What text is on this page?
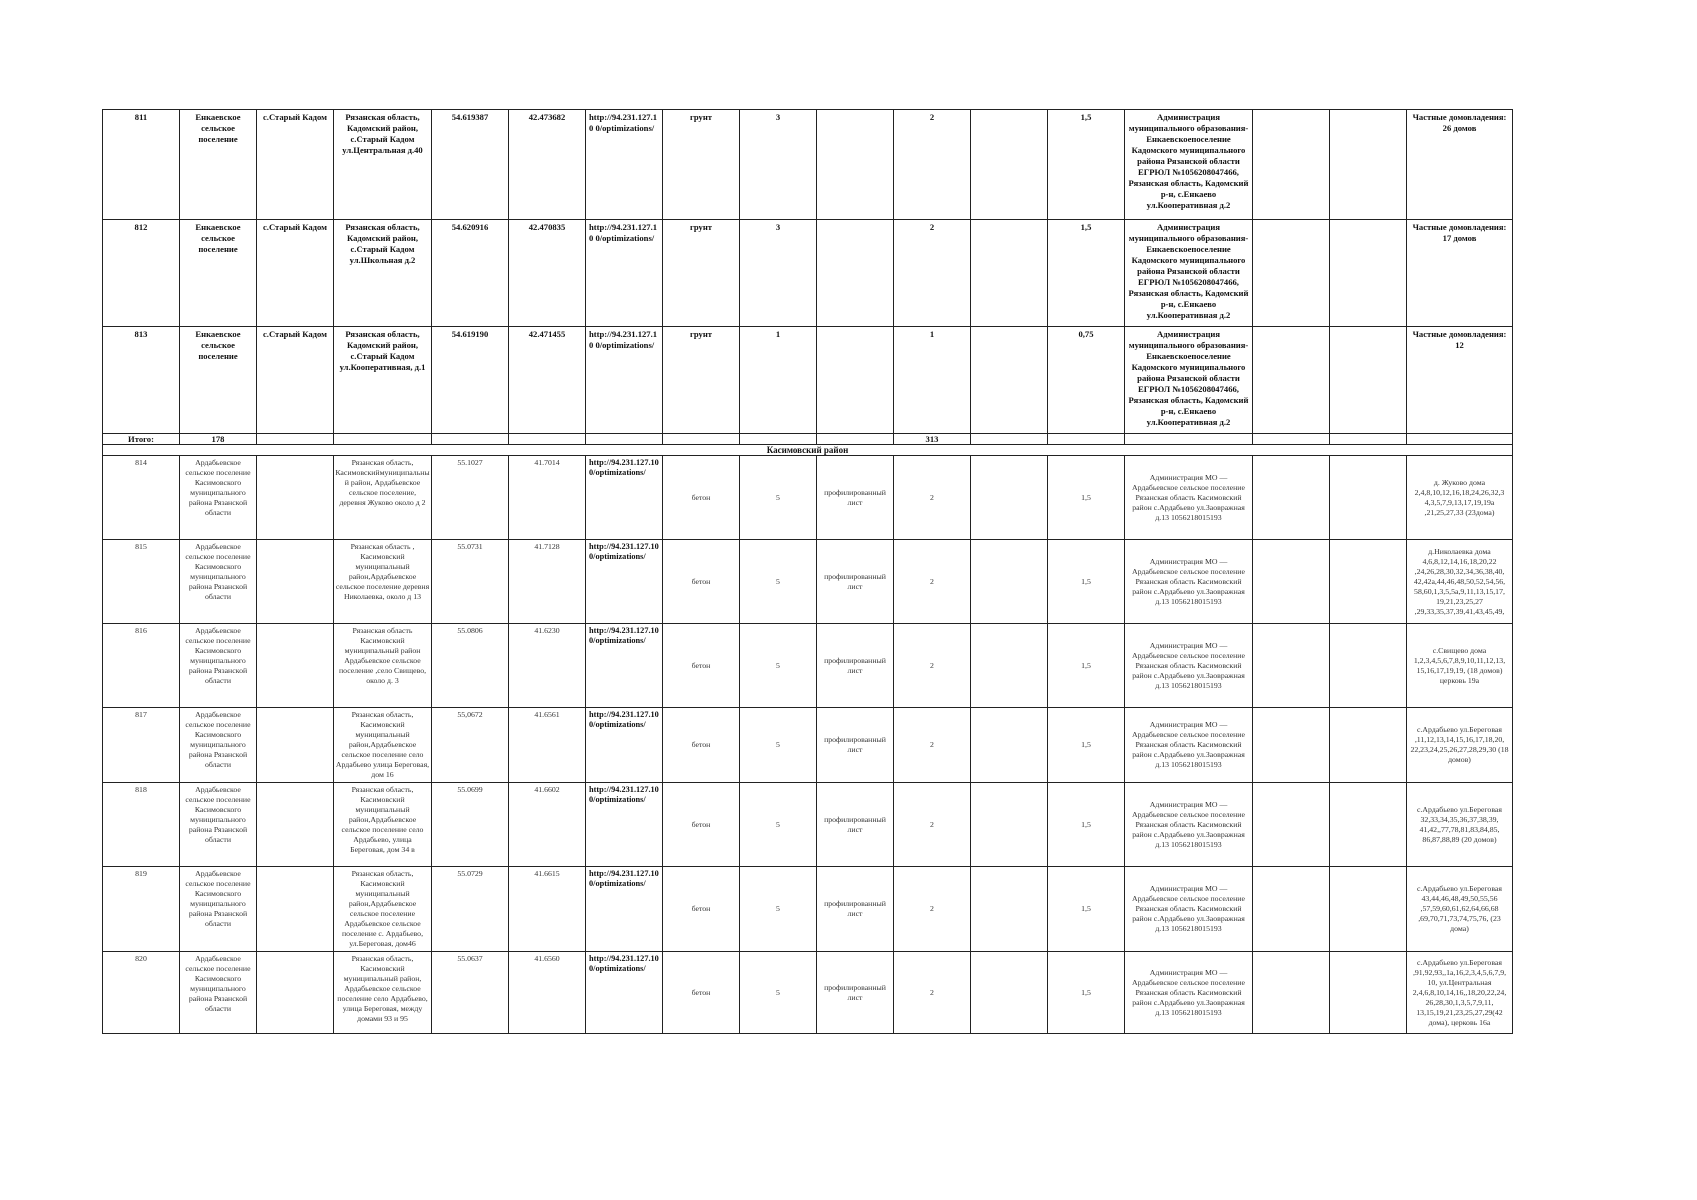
811	Енкаевское сельское поселение	с.Старый Кадом	Рязанская область, Кадомский район, с.Старый Кадом ул.Центральная д.40	54.619387	42.473682	http://94.231.127.10 0/optimizations/	грунт	3		2		1,5	Администрация муниципального образования-Енкаевскоепоселение Кадомского муниципального района Рязанской области ЕГРЮЛ №1056208047466, Рязанская область, Кадомский р-н, с.Енкаево ул.Кооперативная д.2			Частные домовладения: 26 домов
812	Енкаевское сельское поселение	с.Старый Кадом	Рязанская область, Кадомский район, с.Старый Кадом ул.Школьная д.2	54.620916	42.470835	http://94.231.127.10 0/optimizations/	грунт	3		2		1,5	Администрация муниципального образования-Енкаевскоепоселение Кадомского муниципального района Рязанской области ЕГРЮЛ №1056208047466, Рязанская область, Кадомский р-н, с.Енкаево ул.Кооперативная д.2			Частные домовладения: 17 домов
813	Енкаевское сельское поселение	с.Старый Кадом	Рязанская область, Кадомский район, с.Старый Кадом ул.Кооперативная, д.1	54.619190	42.471455	http://94.231.127.10 0/optimizations/	грунт	1		1		0,75	Администрация муниципального образования-Енкаевскоепоселение Кадомского муниципального района Рязанской области ЕГРЮЛ №1056208047466, Рязанская область, Кадомский р-н, с.Енкаево ул.Кооперативная д.2			Частные домовладения: 12
Итого:	178									313						
Касимовский район																
814	Ардабьевское сельское поселение Касимовского муниципального района Рязанской области		Рязанская область, Касимовскиймуниципальны й район, Ардабьевское сельское поселение, деревня Жуково около д 2	55.1027	41.7014	http://94.231.127.10 0/optimizations/	бетон	5	профилированный лист	2		1,5	Администрация МО — Ардабьевское сельское поселение Рязанская область Касимовский район с.Ардабьево ул.Заовражная д.13 1056218015193			д. Жуково дома 2,4,8,10,12,16,18,24,26,32,3 4,3,5,7,9,13,17,19,19а ,21,25,27,33 (23дома)
815	Ардабьевское сельское поселение Касимовского муниципального района Рязанской области		Рязанская область , Касимовский муниципальный район,Ардабьевское сельское поселение деревня Николаевка, около д 13	55.0731	41.7128	http://94.231.127.10 0/optimizations/	бетон	5	профилированный лист	2		1,5	Администрация МО — Ардабьевское сельское поселение Рязанская область Касимовский район с.Ардабьево ул.Заовражная д.13 1056218015193			д.Николаевка дома 4,6,8,12,14,16,18,20,22 ,24,26,28,30,32,34,36,38,40, 42,42а,44,46,48,50,52,54,56, 58,60,1,3,5,5а,9,11,13,15,17, 19,21,23,25,27 ,29,33,35,37,39,41,43,45,49,
816	Ардабьевское сельское поселение Касимовского муниципального района Рязанской области		Рязанская область Касимовский муниципальный район Ардабьевское сельское поселение ,село Свищево, около д. 3	55.0806	41.6230	http://94.231.127.10 0/optimizations/	бетон	5	профилированный лист	2		1,5	Администрация МО — Ардабьевское сельское поселение Рязанская область Касимовский район с.Ардабьево ул.Заовражная д.13 1056218015193			с.Свищево дома 1,2,3,4,5,6,7,8,9,10,11,12,13, 15,16,17,19,19, (18 домов) церковь 19а
817	Ардабьевское сельское поселение Касимовского муниципального района Рязанской области		Рязанская область, Касимовский муниципальный район,Ардабьевское сельское поселение село Ардабьево улица Береговая, дом 16	55,0672	41.6561	http://94.231.127.10 0/optimizations/	бетон	5	профилированный лист	2		1,5	Администрация МО — Ардабьевское сельское поселение Рязанская область Касимовский район с.Ардабьево ул.Заовражная д.13 1056218015193			с.Ардабьево ул.Береговая ,11,12,13,14,15,16,17,18,20, 22,23,24,25,26,27,28,29,30 (18 домов)
818	Ардабьевское сельское поселение Касимовского муниципального района Рязанской области		Рязанская область, Касимовский муниципальный район,Ардабьевское сельское поселение село Ардабьево, улица Береговая, дом 34 в	55.0699	41.6602	http://94.231.127.10 0/optimizations/	бетон	5	профилированный лист	2		1,5	Администрация МО — Ардабьевское сельское поселение Рязанская область Касимовский район с.Ардабьево ул.Заовражная д.13 1056218015193			с.Ардабьево ул.Береговая 32,33,34,35,36,37,38,39, 41,42,,77,78,81,83,84,85, 86,87,88,89 (20 домов)
819	Ардабьевское сельское поселение Касимовского муниципального района Рязанской области		Рязанская область, Касимовский муниципальный район,Ардабьевское сельское поселение Ардабьевское сельское поселение с. Ардабьево, ул.Береговая, дом46	55.0729	41.6615	http://94.231.127.10 0/optimizations/	бетон	5	профилированный лист	2		1,5	Администрация МО — Ардабьевское сельское поселение Рязанская область Касимовский район с.Ардабьево ул.Заовражная д.13 1056218015193			с.Ардабьево ул.Береговая 43,44,46,48,49,50,55,56 ,57,59,60,61,62,64,66,68 ,69,70,71,73,74,75,76, (23 дома)
820	Ардабьевское сельское поселение Касимовского муниципального района Рязанской области		Рязанская область, Касимовский муниципальный район, Ардабьевское сельское поселение село Ардабьево, улица Береговая, между домами 93 и 95	55.0637	41.6560	http://94.231.127.10 0/optimizations/	бетон	5	профилированный лист	2		1,5	Администрация МО — Ардабьевское сельское поселение Рязанская область Касимовский район с.Ардабьево ул.Заовражная д.13 1056218015193			с.Ардабьево ул.Береговая ,91,92,93,,1а,16,2,3,4,5,6,7,9, 10, ул.Центральная 2,4,6,8,10,14,16,,18,20,22,24, 26,28,30,1,3,5,7,9,11, 13,15,19,21,23,25,27,29(42 дома), церковь 16а
